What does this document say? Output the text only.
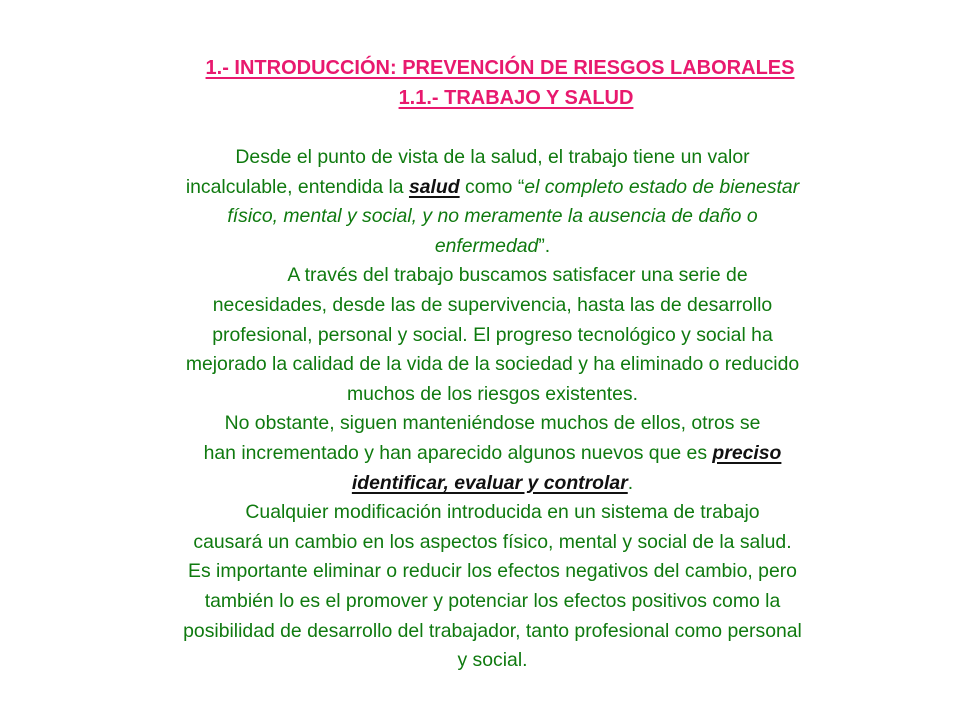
1.- INTRODUCCIÓN: PREVENCIÓN DE RIESGOS LABORALES
1.1.- TRABAJO Y SALUD
Desde el punto de vista de la salud, el trabajo tiene un valor
incalculable, entendida la salud como “el completo estado de bienestar
físico, mental y social, y no meramente la ausencia de daño o
enfermedad”.
A través del trabajo buscamos satisfacer una serie de
necesidades, desde las de supervivencia, hasta las de desarrollo
profesional, personal y social. El progreso tecnológico y social ha
mejorado la calidad de la vida de la sociedad y ha eliminado o reducido
muchos de los riesgos existentes.
No obstante, siguen manteniéndose muchos de ellos, otros se
han incrementado y han aparecido algunos nuevos que es preciso
identificar, evaluar y controlar.
Cualquier modificación introducida en un sistema de trabajo
causará un cambio en los aspectos físico, mental y social de la salud.
Es importante eliminar o reducir los efectos negativos del cambio, pero
también lo es el promover y potenciar los efectos positivos como la
posibilidad de desarrollo del trabajador, tanto profesional como personal
y social.
